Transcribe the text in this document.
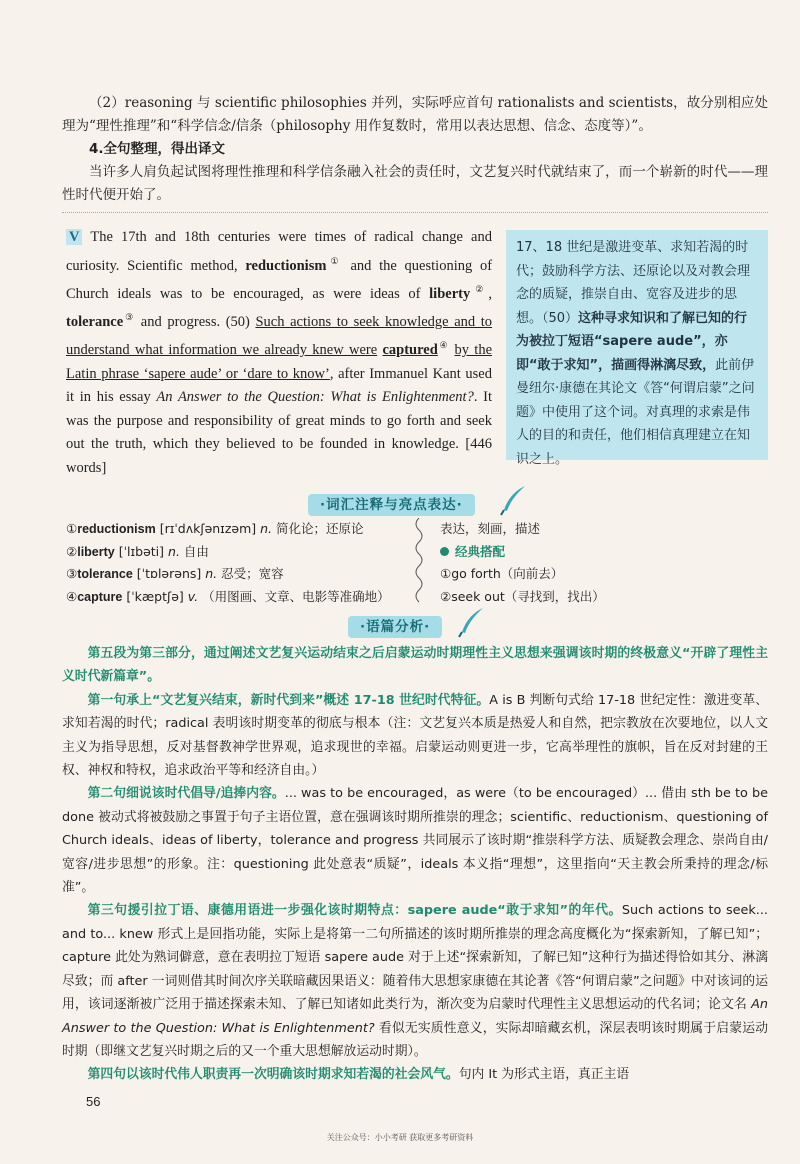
（2）reasoning 与 scientific philosophies 并列，实际呼应首句 rationalists and scientists，故分别相应处理为“理性推理”和“科学信念/信条（philosophy 用作复数时，常用以表达思想、信念、态度等）”。

4.全句整理，得出译文

当许多人肩负起试图将理性推理和科学信条融入社会的责任时，文艺复兴时代就结束了，而一个崭新的时代——理性时代便开始了。

V The 17th and 18th centuries were times of radical change and curiosity. Scientific method, reductionism① and the questioning of Church ideals was to be encouraged, as were ideas of liberty②, tolerance③ and progress. (50) Such actions to seek knowledge and to understand what information we already knew were captured④ by the Latin phrase ‘sapere aude’ or ‘dare to know’, after Immanuel Kant used it in his essay An Answer to the Question: What is Enlightenment?. It was the purpose and responsibility of great minds to go forth and seek out the truth, which they believed to be founded in knowledge. [446 words]
17、18 世纪是激进变革、求知若渴的时代；鼓励科学方法、还原论以及对教会理念的质疑，推崇自由、宽容及进步的思想。（50）这种寻求知识和了解已知的行为被拉丁短语“sapere aude”，亦即“敢于求知”，描画得淋漓尽致，此前伊曼纽尔·康德在其论文《答“何谓启蒙”之问题》中使用了这个词。对真理的求索是伟人的目的和责任，他们相信真理建立在知识之上。
·词汇注释与亮点表达·
①reductionism [rɪˈdʌkʃənɪzəm] n. 简化论；还原论
②liberty [ˈlɪbəti] n. 自由
③tolerance [ˈtɒlərəns] n. 忍受；宽容
④capture [ˈkæptʃə] v. （用图画、文章、电影等准确地）
表达，刻画，描述
经典搭配
①go forth（向前去）
②seek out（寻找到，找出）
·语篇分析·

第五段为第三部分，通过阐述文艺复兴运动结束之后启蒙运动时期理性主义思想来强调该时期的终极意义“开辟了理性主义时代新篇章”。

第一句承上“文艺复兴结束，新时代到来”概述 17-18 世纪时代特征。A is B 判断句式给 17-18 世纪定性：激进变革、求知若渴的时代；radical 表明该时期变革的彻底与根本（注：文艺复兴本质是热爱人和自然，把宗教放在次要地位，以人文主义为指导思想，反对基督教神学世界观，追求现世的幸福。启蒙运动则更进一步，它高举理性的旗帜，旨在反对封建的王权、神权和特权，追求政治平等和经济自由。）

第二句细说该时代倡导/追捧内容。... was to be encouraged，as were（to be encouraged）... 借由 sth be to be done 被动式将被鼓励之事置于句子主语位置，意在强调该时期所推崇的理念；scientific、reductionism、questioning of Church ideals、ideas of liberty，tolerance and progress 共同展示了该时期“推崇科学方法、质疑教会理念、崇尚自由/宽容/进步思想”的形象。注：questioning 此处意表“质疑”，ideals 本义指“理想”，这里指向“天主教会所秉持的理念/标准”。

第三句援引拉丁语、康德用语进一步强化该时期特点：sapere aude“敢于求知”的年代。Such actions to seek... and to... knew 形式上是回指功能，实际上是将第一二句所描述的该时期所推崇的理念高度概化为“探索新知，了解已知”；capture 此处为熟词僻意，意在表明拉丁短语 sapere aude 对于上述“探索新知，了解已知”这种行为描述得恰如其分、淋漓尽致；而 after 一词则借其时间次序关联暗藏因果语义：随着伟大思想家康德在其论著《答“何谓启蒙”之问题》中对该词的运用，该词逐渐被广泛用于描述探索未知、了解已知诸如此类行为，渐次变为启蒙时代理性主义思想运动的代名词；论文名 An Answer to the Question: What is Enlightenment? 看似无实质性意义，实际却暗藏玄机，深层表明该时期属于启蒙运动时期（即继文艺复兴时期之后的又一个重大思想解放运动时期）。

第四句以该时代伟人职责再一次明确该时期求知若渴的社会风气。句内 It 为形式主语，真正主语

56
关注公众号：小小考研 获取更多考研资料
